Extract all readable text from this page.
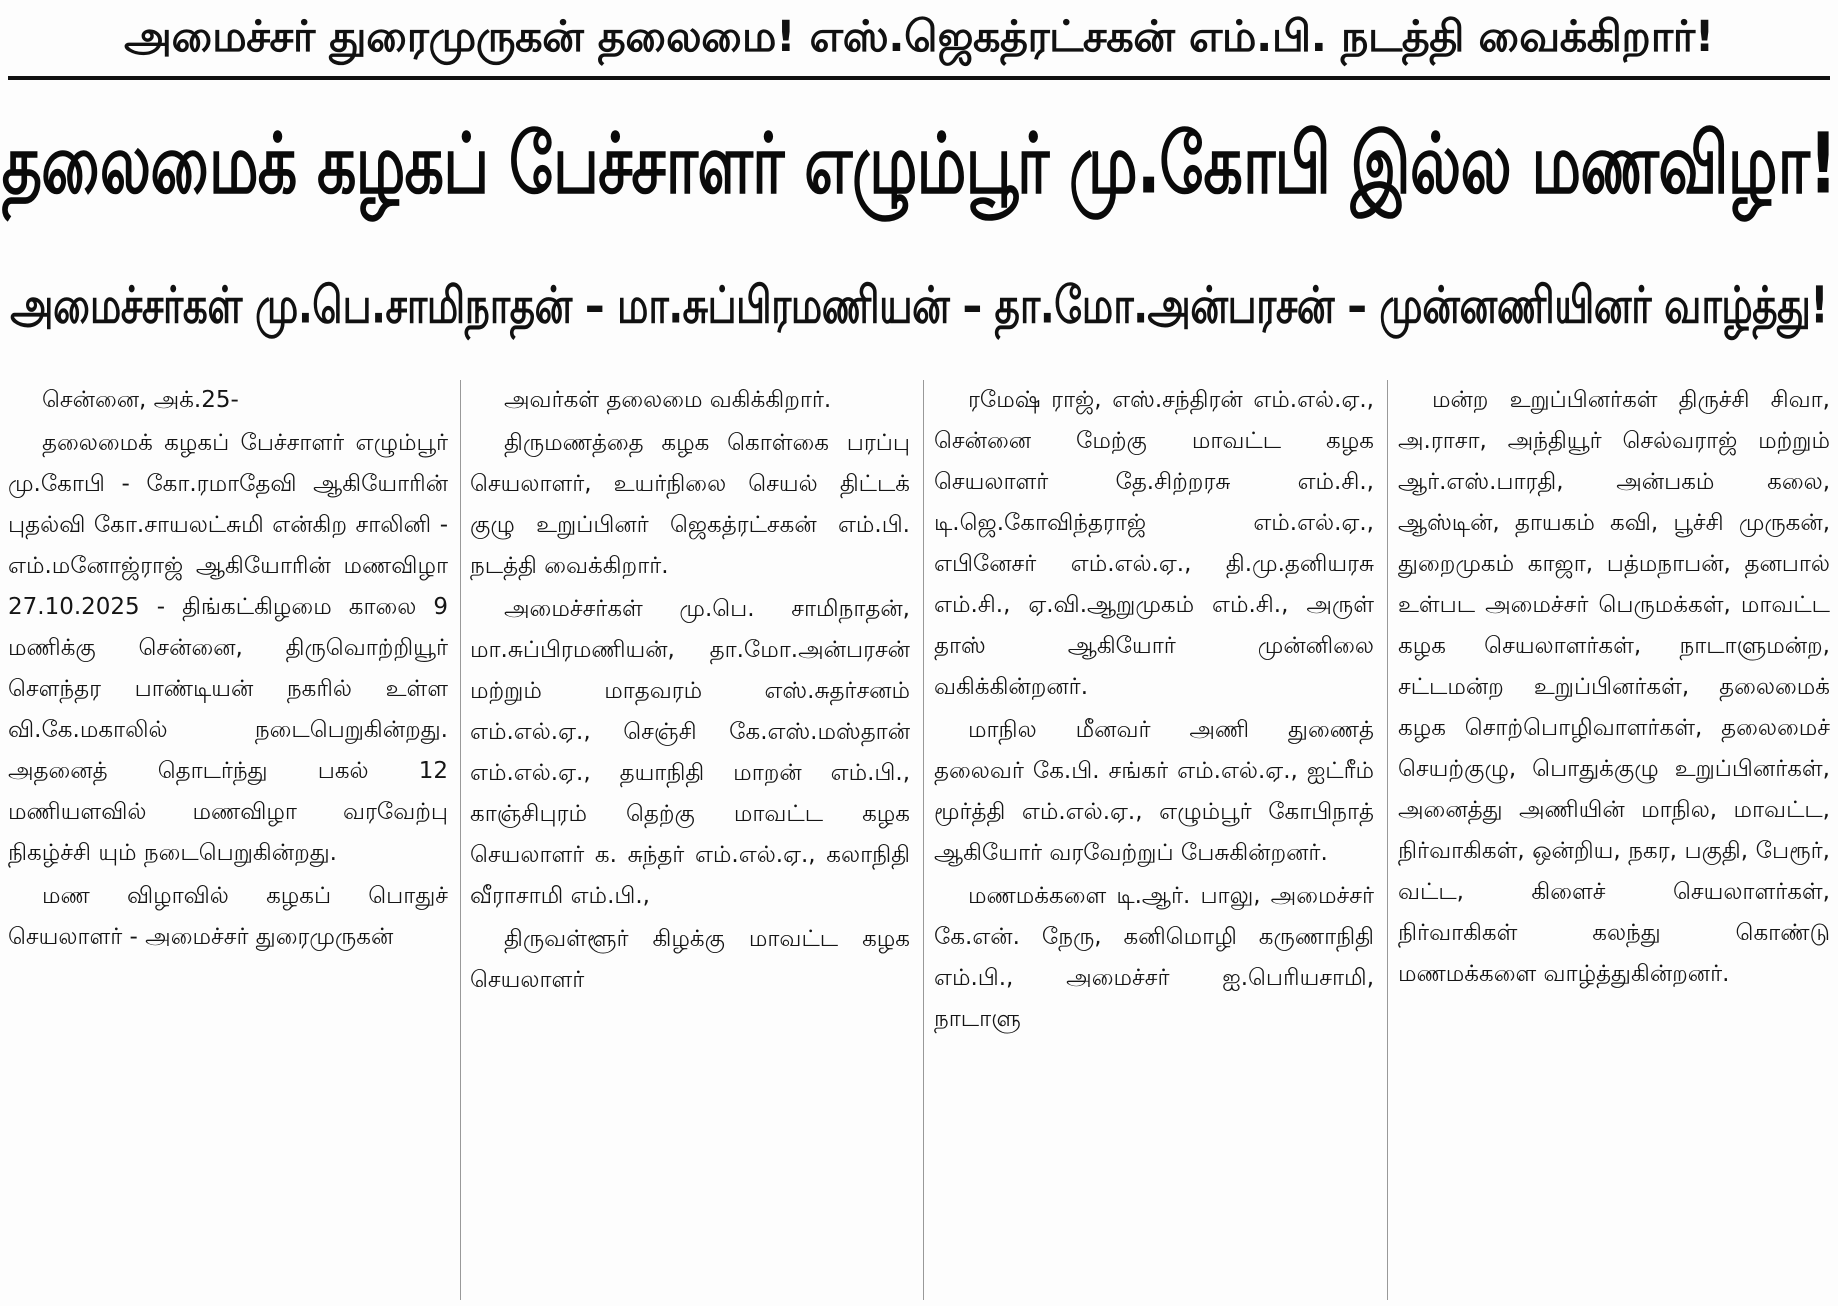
அமைச்சர் துரைமுருகன் தலைமை! எஸ்.ஜெகத்ரட்சகன் எம்.பி. நடத்தி வைக்கிறார்!
தலைமைக் கழகப் பேச்சாளர் எழும்பூர் மு.கோபி இல்ல மணவிழா!
அமைச்சர்கள் மு.பெ.சாமிநாதன் – மா.சுப்பிரமணியன் – தா.மோ.அன்பரசன் – முன்னணியினர் வாழ்த்து!

சென்னை, அக்.25-

தலைமைக் கழகப் பேச்சாளர் எழும்பூர் மு.கோபி - கோ.ரமாதேவி ஆகியோரின் புதல்வி கோ.சாயலட்சுமி என்கிற சாலினி - எம்.மனோஜ்ராஜ் ஆகியோரின் மணவிழா 27.10.2025 - திங்கட்கிழமை காலை 9 மணிக்கு சென்னை, திருவொற்றியூர் சௌந்தர பாண்டியன் நகரில் உள்ள வி.கே.மகாலில் நடைபெறுகின்றது. அதனைத் தொடர்ந்து பகல் 12 மணியளவில் மணவிழா வரவேற்பு நிகழ்ச்சி யும் நடைபெறுகின்றது.

மண விழாவில் கழகப் பொதுச் செயலாளர் - அமைச்சர் துரைமுருகன்

அவர்கள் தலைமை வகிக்கிறார்.

திருமணத்தை கழக கொள்கை பரப்பு செயலாளர், உயர்நிலை செயல் திட்டக் குழு உறுப்பினர் ஜெகத்ரட்சகன் எம்.பி. நடத்தி வைக்கிறார்.

அமைச்சர்கள் மு.பெ. சாமிநாதன், மா.சுப்பிரமணியன், தா.மோ.அன்பரசன் மற்றும் மாதவரம் எஸ்.சுதர்சனம் எம்.எல்.ஏ., செஞ்சி கே.எஸ்.மஸ்தான் எம்.எல்.ஏ., தயாநிதி மாறன் எம்.பி., காஞ்சிபுரம் தெற்கு மாவட்ட கழக செயலாளர் க. சுந்தர் எம்.எல்.ஏ., கலாநிதி வீராசாமி எம்.பி.,

திருவள்ளூர் கிழக்கு மாவட்ட கழக செயலாளர்

ரமேஷ் ராஜ், எஸ்.சந்திரன் எம்.எல்.ஏ., சென்னை மேற்கு மாவட்ட கழக செயலாளர் தே.சிற்றரசு எம்.சி., டி.ஜெ.கோவிந்தராஜ் எம்.எல்.ஏ., எபினேசர் எம்.எல்.ஏ., தி.மு.தனியரசு எம்.சி., ஏ.வி.ஆறுமுகம் எம்.சி., அருள் தாஸ் ஆகியோர் முன்னிலை வகிக்கின்றனர்.

மாநில மீனவர் அணி துணைத் தலைவர் கே.பி. சங்கர் எம்.எல்.ஏ., ஐட்ரீம் மூர்த்தி எம்.எல்.ஏ., எழும்பூர் கோபிநாத் ஆகியோர் வரவேற்றுப் பேசுகின்றனர்.

மணமக்களை டி.ஆர். பாலு, அமைச்சர் கே.என். நேரு, கனிமொழி கருணாநிதி எம்.பி., அமைச்சர் ஐ.பெரியசாமி, நாடாளு

மன்ற உறுப்பினர்கள் திருச்சி சிவா, அ.ராசா, அந்தியூர் செல்வராஜ் மற்றும் ஆர்.எஸ்.பாரதி, அன்பகம் கலை, ஆஸ்டின், தாயகம் கவி, பூச்சி முருகன், துறைமுகம் காஜா, பத்மநாபன், தனபால் உள்பட அமைச்சர் பெருமக்கள், மாவட்ட கழக செயலாளர்கள், நாடாளுமன்ற, சட்டமன்ற உறுப்பினர்கள், தலைமைக் கழக சொற்பொழிவாளர்கள், தலைமைச் செயற்குழு, பொதுக்குழு உறுப்பினர்கள், அனைத்து அணியின் மாநில, மாவட்ட, நிர்வாகிகள், ஒன்றிய, நகர, பகுதி, பேரூர், வட்ட, கிளைச் செயலாளர்கள், நிர்வாகிகள் கலந்து கொண்டு மணமக்களை வாழ்த்துகின்றனர்.
